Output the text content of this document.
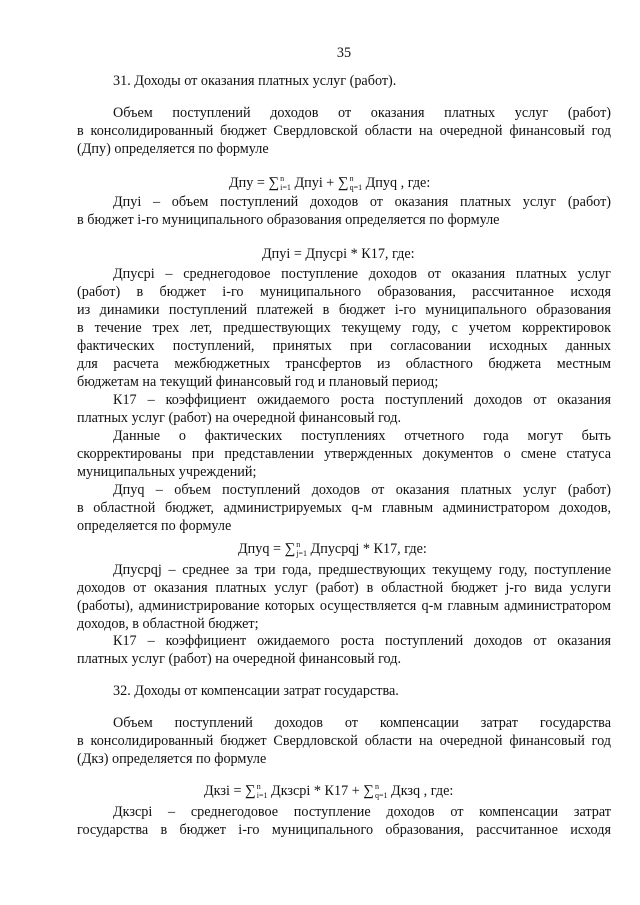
35
31. Доходы от оказания платных услуг (работ).
Объем поступлений доходов от оказания платных услуг (работ)
в консолидированный бюджет Свердловской области на очередной финансовый год
(Дпу) определяется по формуле
Дпу = ∑ n
i=1 Дпуi + ∑ n
q=1 Дпуq , где:
Дпуi – объем поступлений доходов от оказания платных услуг (работ)
в бюджет i-го муниципального образования определяется по формуле
Дпуi = Дпусрi * К17, где:
Дпусрi – среднегодовое поступление доходов от оказания платных услуг
(работ) в бюджет i-го муниципального образования, рассчитанное исходя
из динамики поступлений платежей в бюджет i-го муниципального образования
в течение трех лет, предшествующих текущему году, с учетом корректировок
фактических поступлений, принятых при согласовании исходных данных
для расчета межбюджетных трансфертов из областного бюджета местным
бюджетам на текущий финансовый год и плановый период;
К17 – коэффициент ожидаемого роста поступлений доходов от оказания
платных услуг (работ) на очередной финансовый год.
Данные о фактических поступлениях отчетного года могут быть
скорректированы при представлении утвержденных документов о смене статуса
муниципальных учреждений;
Дпуq – объем поступлений доходов от оказания платных услуг (работ)
в областной бюджет, администрируемых q-м главным администратором доходов,
определяется по формуле
Дпуq = ∑ n
j=1 Дпусрqj * К17, где:
Дпусрqj – среднее за три года, предшествующих текущему году, поступление
доходов от оказания платных услуг (работ) в областной бюджет j-го вида услуги
(работы), администрирование которых осуществляется q-м главным администратором
доходов, в областной бюджет;
К17 – коэффициент ожидаемого роста поступлений доходов от оказания
платных услуг (работ) на очередной финансовый год.
32. Доходы от компенсации затрат государства.
Объем поступлений доходов от компенсации затрат государства
в консолидированный бюджет Свердловской области на очередной финансовый год
(Дкз) определяется по формуле
Дкзi = ∑ n
i=1 Дкзсрi * К17 + ∑ n
q=1 Дкзq , где:
Дкзсрi – среднегодовое поступление доходов от компенсации затрат
государства в бюджет i-го муниципального образования, рассчитанное исходя
